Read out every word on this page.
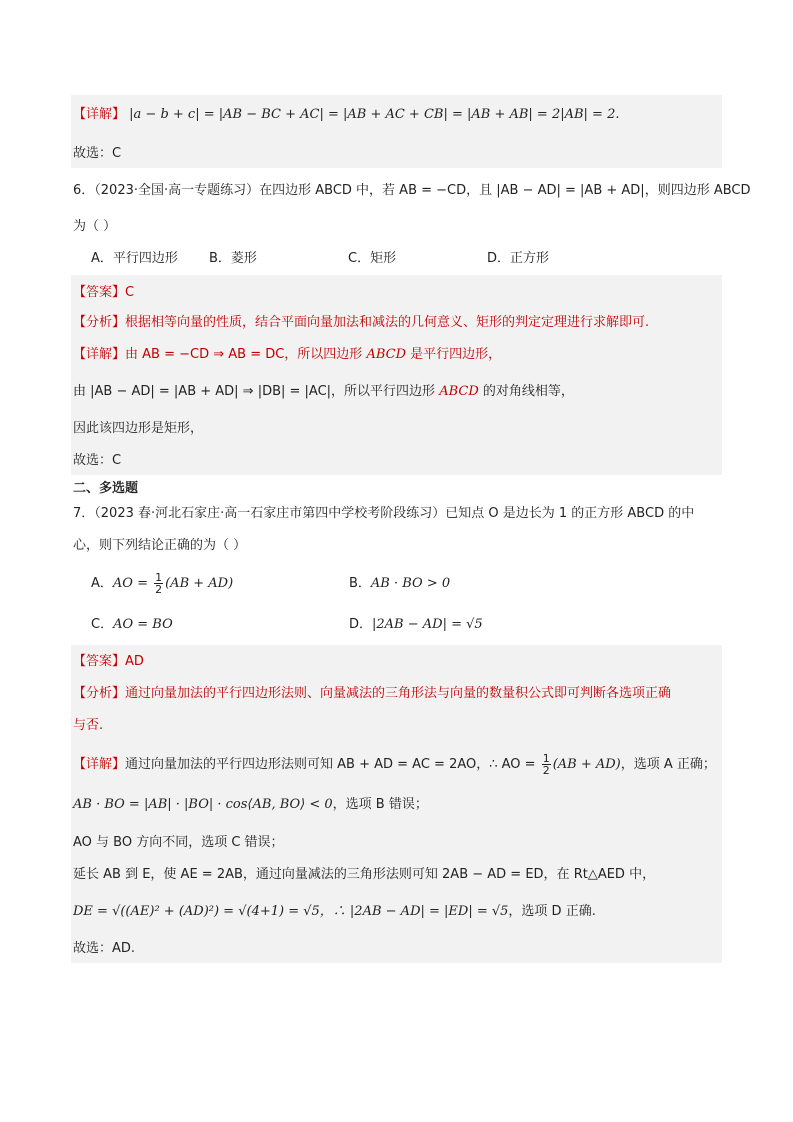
【详解】 |a − b + c| = |AB − BC + AC| = |AB + AC + CB| = |AB + AB| = 2|AB| = 2.
故选：C
6．（2023·全国·高一专题练习）在四边形 ABCD 中，若 AB = −CD，且 |AB − AD| = |AB + AD|，则四边形 ABCD
为（ ）
A．平行四边形 B．菱形	C．矩形	D．正方形
【答案】C
【分析】根据相等向量的性质，结合平面向量加法和减法的几何意义、矩形的判定定理进行求解即可.
【详解】由 AB = −CD ⇒ AB = DC，所以四边形 ABCD 是平行四边形，
由 |AB − AD| = |AB + AD| ⇒ |DB| = |AC|，所以平行四边形 ABCD 的对角线相等，
因此该四边形是矩形，
故选：C
二、多选题
7．（2023 春·河北石家庄·高一石家庄市第四中学校考阶段练习）已知点 O 是边长为 1 的正方形 ABCD 的中
心，则下列结论正确的为（ ）
A．AO = $\frac{1}{2} (AB + AD)$	B．AB · BO > 0
C．AO = BO	D．|2AB − AD| = √5
【答案】AD
【分析】通过向量加法的平行四边形法则、向量减法的三角形法与向量的数量积公式即可判断各选项正确
与否.
【详解】通过向量加法的平行四边形法则可知 AB + AD = AC = 2AO，∴ AO = $\frac{1}{2} (AB + AD)$，选项 A 正确；
AB · BO = |AB| · |BO| · cos⟨AB, BO⟩ < 0，选项 B 错误；
AO 与 BO 方向不同，选项 C 错误；
延长 AB 到 E，使 AE = 2AB，通过向量减法的三角形法则可知 2AB − AD = ED，在 Rt△AED 中，
DE = √((AE)² + (AD)²) = √(4+1) = √5，∴ |2AB − AD| = |ED| = √5，选项 D 正确.
故选：AD.
